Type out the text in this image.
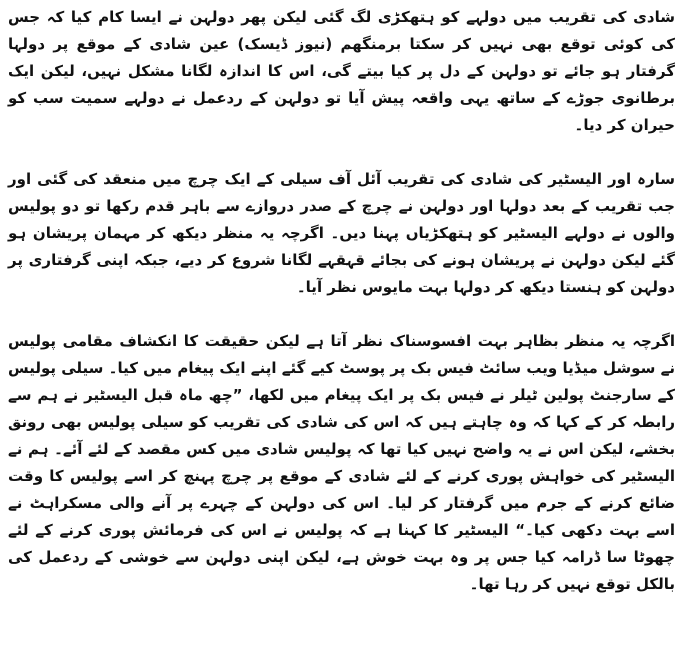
شادی کی تقریب میں دولہے کو ہتھکڑی لگ گئی لیکن پھر دولہن نے ایسا کام کیا کہ جس کی کوئی توقع بھی نہیں کر سکتا برمنگھم (نیوز ڈیسک) عین شادی کے موقع پر دولہا گرفتار ہو جائے تو دولہن کے دل پر کیا بیتے گی، اس کا اندازہ لگانا مشکل نہیں، لیکن ایک برطانوی جوڑے کے ساتھ یہی واقعہ پیش آیا تو دولہن کے ردعمل نے دولہے سمیت سب کو حیران کر دیا۔

سارہ اور الیسٹیر کی شادی کی تقریب آئل آف سیلی کے ایک چرچ میں منعقد کی گئی اور جب تقریب کے بعد دولہا اور دولہن نے چرچ کے صدر دروازے سے باہر قدم رکھا تو دو پولیس والوں نے دولہے الیسٹیر کو ہتھکڑیاں پہنا دیں۔ اگرچہ یہ منظر دیکھ کر مہمان پریشان ہو گئے لیکن دولہن نے پریشان ہونے کی بجائے قہقہے لگانا شروع کر دیے، جبکہ اپنی گرفتاری پر دولہن کو ہنستا دیکھ کر دولہا بہت مایوس نظر آیا۔

اگرچہ یہ منظر بظاہر بہت افسوسناک نظر آتا ہے لیکن حقیقت کا انکشاف مقامی پولیس نے سوشل میڈیا ویب سائٹ فیس بک پر پوسٹ کیے گئے اپنے ایک پیغام میں کیا۔ سیلی پولیس کے سارجنٹ پولین ٹیلر نے فیس بک پر ایک پیغام میں لکھا، ”چھ ماہ قبل الیسٹیر نے ہم سے رابطہ کر کے کہا کہ وہ چاہتے ہیں کہ اس کی شادی کی تقریب کو سیلی پولیس بھی رونق بخشے، لیکن اس نے یہ واضح نہیں کیا تھا کہ پولیس شادی میں کس مقصد کے لئے آئے۔ ہم نے الیسٹیر کی خواہش پوری کرنے کے لئے شادی کے موقع پر چرچ پہنچ کر اسے پولیس کا وقت ضائع کرنے کے جرم میں گرفتار کر لیا۔ اس کی دولہن کے چہرے پر آنے والی مسکراہٹ نے اسے بہت دکھی کیا۔“ الیسٹیر کا کہنا ہے کہ پولیس نے اس کی فرمائش پوری کرنے کے لئے چھوٹا سا ڈرامہ کیا جس پر وہ بہت خوش ہے، لیکن اپنی دولہن سے خوشی کے ردعمل کی بالکل توقع نہیں کر رہا تھا۔
